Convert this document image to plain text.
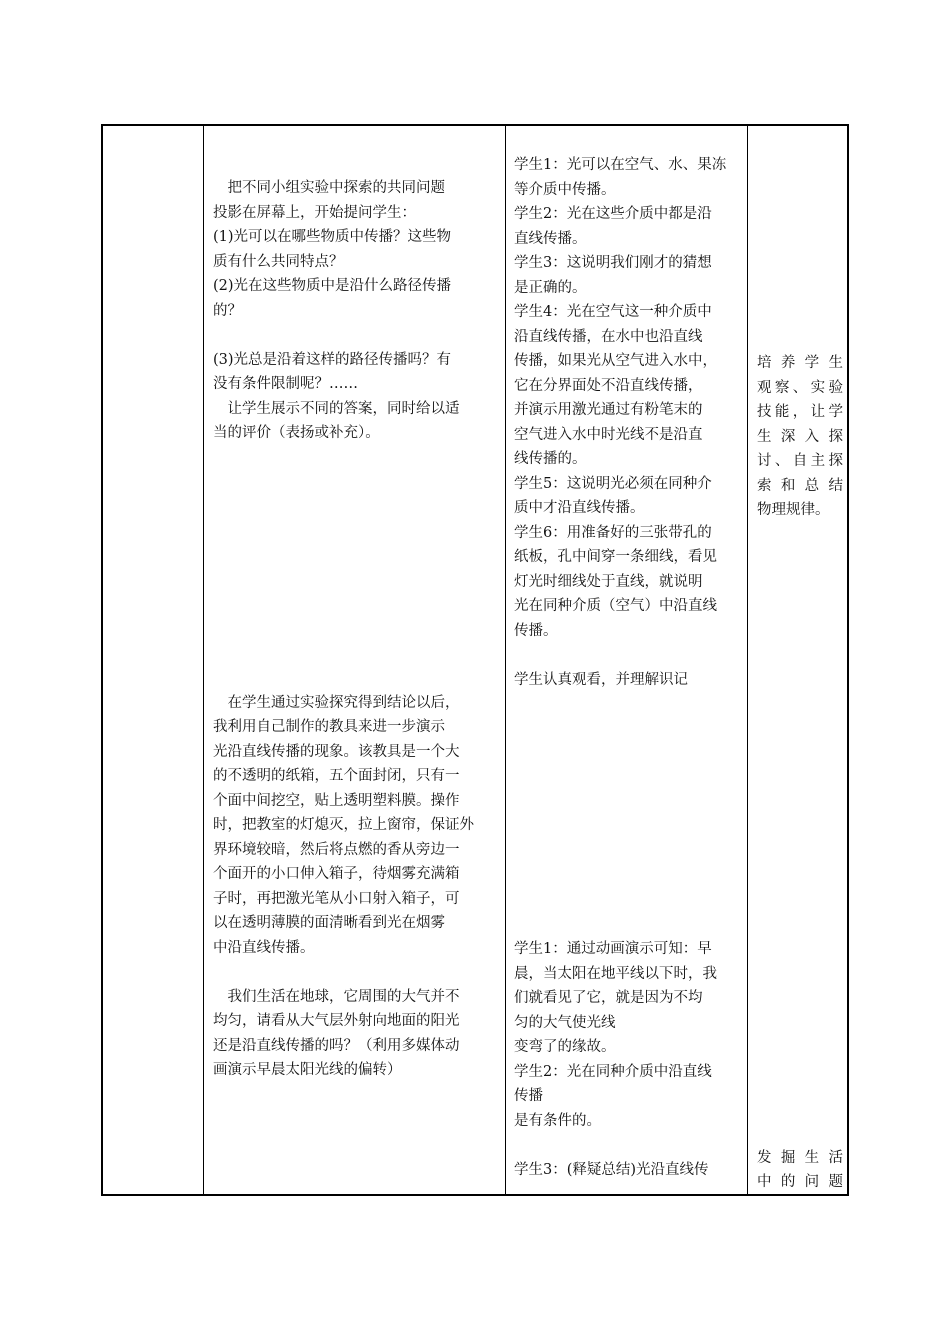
　把不同小组实验中探索的共同问题

投影在屏幕上，开始提问学生：

(1)光可以在哪些物质中传播？这些物

质有什么共同特点？

(2)光在这些物质中是沿什么路径传播

的？

(3)光总是沿着这样的路径传播吗？有

没有条件限制呢？……

　让学生展示不同的答案，同时给以适

当的评价（表扬或补充）。

　在学生通过实验探究得到结论以后，

我利用自己制作的教具来进一步演示

光沿直线传播的现象。该教具是一个大

的不透明的纸箱，五个面封闭，只有一

个面中间挖空，贴上透明塑料膜。操作

时，把教室的灯熄灭，拉上窗帘，保证外

界环境较暗，然后将点燃的香从旁边一

个面开的小口伸入箱子，待烟雾充满箱

子时，再把激光笔从小口射入箱子，可

以在透明薄膜的面清晰看到光在烟雾

中沿直线传播。

　我们生活在地球，它周围的大气并不

均匀，请看从大气层外射向地面的阳光

还是沿直线传播的吗？（利用多媒体动

画演示早晨太阳光线的偏转）

学生1：光可以在空气、水、果冻

等介质中传播。

学生2：光在这些介质中都是沿

直线传播。

学生3：这说明我们刚才的猜想

是正确的。

学生4：光在空气这一种介质中

沿直线传播，在水中也沿直线

传播，如果光从空气进入水中，

它在分界面处不沿直线传播，

并演示用激光通过有粉笔末的

空气进入水中时光线不是沿直

线传播的。

学生5：这说明光必须在同种介

质中才沿直线传播。

学生6：用准备好的三张带孔的

纸板，孔中间穿一条细线，看见

灯光时细线处于直线，就说明

光在同种介质（空气）中沿直线

传播。

学生认真观看，并理解识记

学生1：通过动画演示可知：早

晨，当太阳在地平线以下时，我

们就看见了它，就是因为不均

匀的大气使光线

变弯了的缘故。

学生2：光在同种介质中沿直线

传播

是有条件的。

学生3：(释疑总结)光沿直线传

培养学生

观察、实验

技能，让学

生深入探

讨、自主探

索和总结

物理规律。

发掘生活

中的问题
